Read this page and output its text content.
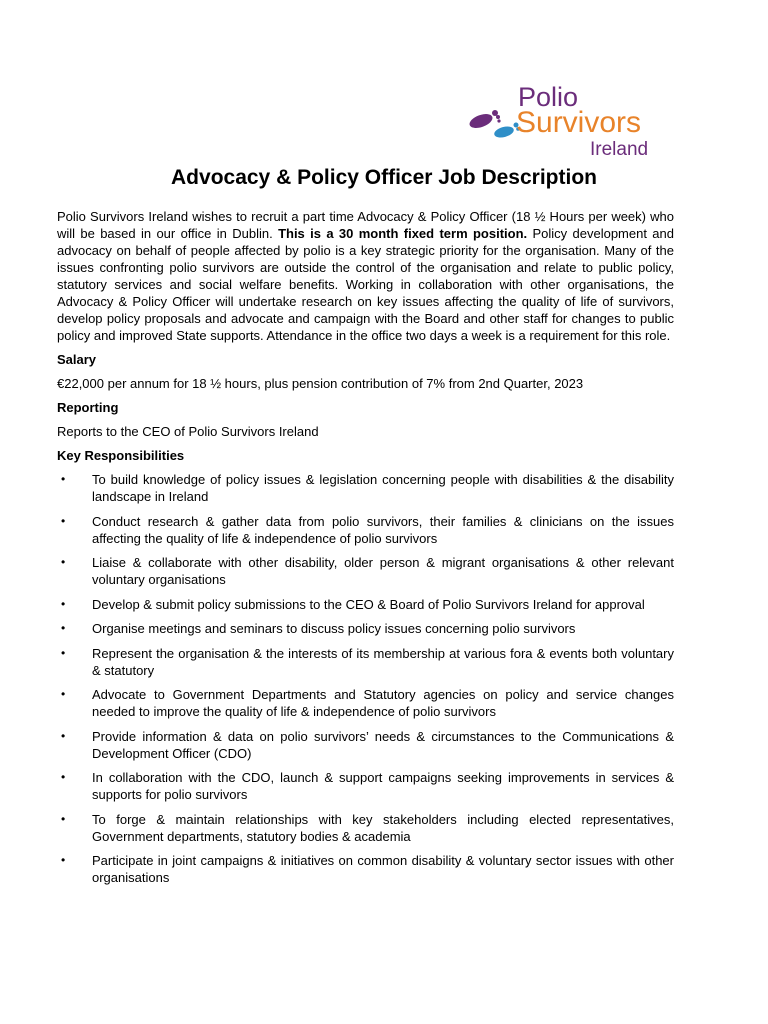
Polio
Survivors
Ireland
Advocacy & Policy Officer Job Description

Polio Survivors Ireland wishes to recruit a part time Advocacy & Policy Officer (18 ½ Hours per week) who will be based in our office in Dublin. This is a 30 month fixed term position. Policy development and advocacy on behalf of people affected by polio is a key strategic priority for the organisation. Many of the issues confronting polio survivors are outside the control of the organisation and relate to public policy, statutory services and social welfare benefits. Working in collaboration with other organisations, the Advocacy & Policy Officer will undertake research on key issues affecting the quality of life of survivors, develop policy proposals and advocate and campaign with the Board and other staff for changes to public policy and improved State supports. Attendance in the office two days a week is a requirement for this role.

Salary

€22,000 per annum for 18 ½ hours, plus pension contribution of 7% from 2nd Quarter, 2023

Reporting

Reports to the CEO of Polio Survivors Ireland

Key Responsibilities

• To build knowledge of policy issues & legislation concerning people with disabilities & the disability landscape in Ireland
• Conduct research & gather data from polio survivors, their families & clinicians on the issues affecting the quality of life & independence of polio survivors
• Liaise & collaborate with other disability, older person & migrant organisations & other relevant voluntary organisations
• Develop & submit policy submissions to the CEO & Board of Polio Survivors Ireland for approval
• Organise meetings and seminars to discuss policy issues concerning polio survivors
• Represent the organisation & the interests of its membership at various fora & events both voluntary & statutory
• Advocate to Government Departments and Statutory agencies on policy and service changes needed to improve the quality of life & independence of polio survivors
• Provide information & data on polio survivors’ needs & circumstances to the Communications & Development Officer (CDO)
• In collaboration with the CDO, launch & support campaigns seeking improvements in services & supports for polio survivors
• To forge & maintain relationships with key stakeholders including elected representatives, Government departments, statutory bodies & academia
• Participate in joint campaigns & initiatives on common disability & voluntary sector issues with other organisations
